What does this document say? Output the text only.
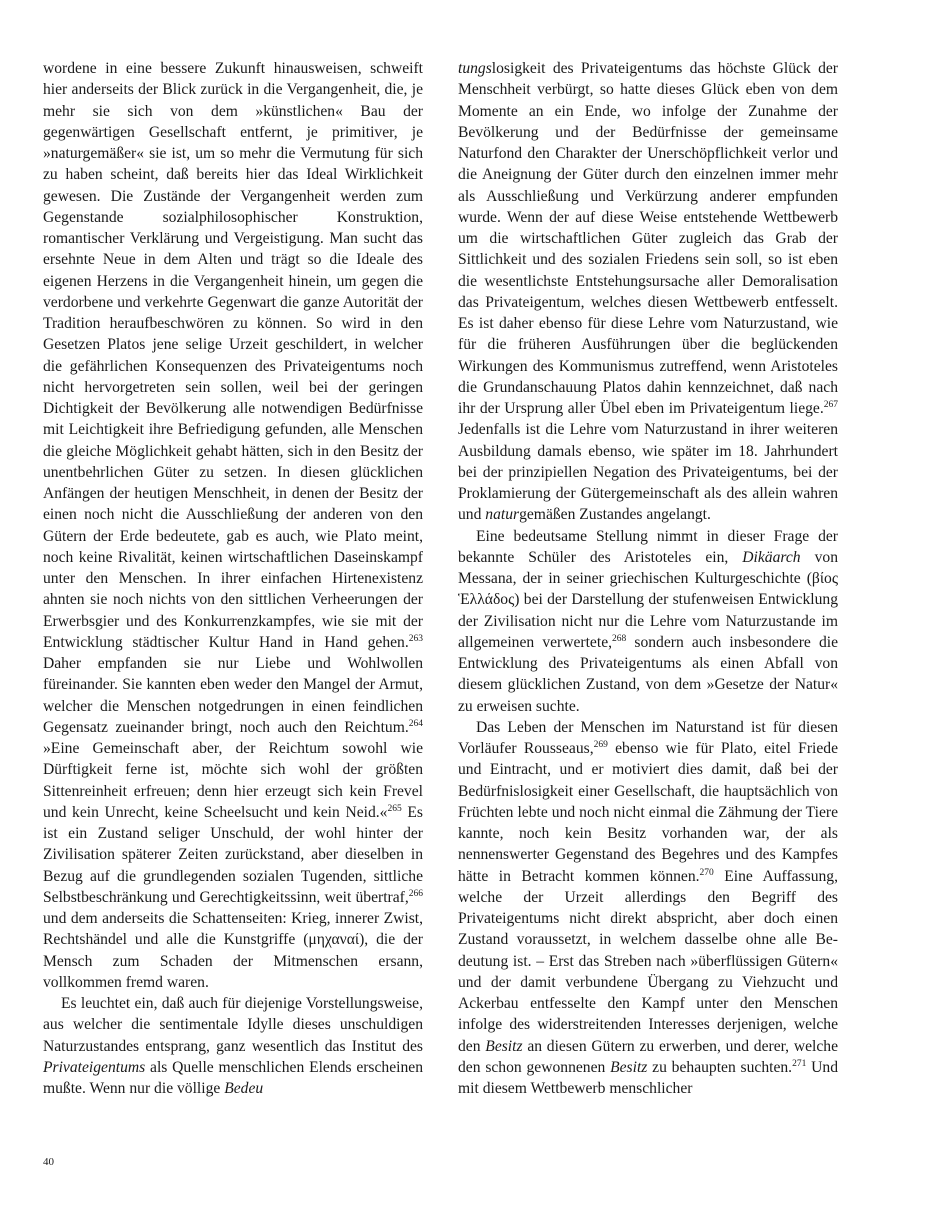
wordene in eine bessere Zukunft hinausweisen, schweift hier anderseits der Blick zurück in die Vergangenheit, die, je mehr sie sich von dem »künstlichen« Bau der gegenwärtigen Gesellschaft entfernt, je primitiver, je »naturgemäßer« sie ist, um so mehr die Vermutung für sich zu haben scheint, daß bereits hier das Ideal Wirklichkeit gewesen. Die Zustände der Vergangenheit werden zum Gegenstande sozialphilosophischer Konstruktion, romantischer Verklärung und Vergeistigung. Man sucht das ersehnte Neue in dem Alten und trägt so die Ideale des eigenen Herzens in die Vergangenheit hinein, um gegen die verdorbene und verkehrte Gegenwart die ganze Autorität der Tradition heraufbeschwören zu können. So wird in den Gesetzen Platos jene selige Urzeit geschildert, in welcher die gefährlichen Konsequenzen des Privateigentums noch nicht hervorgetreten sein sollen, weil bei der geringen Dichtigkeit der Bevölkerung alle notwendigen Bedürfnisse mit Leichtigkeit ihre Befriedigung gefunden, alle Menschen die gleiche Möglichkeit gehabt hätten, sich in den Besitz der unentbehrlichen Güter zu setzen. In diesen glücklichen Anfängen der heutigen Menschheit, in denen der Besitz der einen noch nicht die Ausschließung der anderen von den Gütern der Erde bedeutete, gab es auch, wie Plato meint, noch keine Rivalität, keinen wirtschaftlichen Daseinskampf unter den Menschen. In ihrer einfachen Hirtenexistenz ahnten sie noch nichts von den sittlichen Verheerungen der Erwerbsgier und des Konkurrenzkampfes, wie sie mit der Entwicklung städtischer Kultur Hand in Hand gehen.$^{263}$ Daher empfanden sie nur Liebe und Wohlwollen füreinander. Sie kannten eben weder den Mangel der Armut, welcher die Menschen notgedrungen in einen feindlichen Gegensatz zueinander bringt, noch auch den Reichtum.$^{264}$ »Eine Gemeinschaft aber, der Reichtum sowohl wie Dürftigkeit ferne ist, möchte sich wohl der größten Sittenreinheit erfreuen; denn hier erzeugt sich kein Frevel und kein Unrecht, keine Scheelsucht und kein Neid.«$^{265}$ Es ist ein Zustand seliger Unschuld, der wohl hinter der Zivilisation späterer Zeiten zurückstand, aber dieselben in Bezug auf die grundlegenden sozialen Tugenden, sittliche Selbstbeschränkung und Gerechtigkeitssinn, weit übertraf,$^{266}$ und dem anderseits die Schattenseiten: Krieg, innerer Zwist, Rechtshändel und alle die Kunstgriffe (μηχαναί), die der Mensch zum Schaden der Mitmenschen ersann, vollkommen fremd waren.

Es leuchtet ein, daß auch für diejenige Vorstellungsweise, aus welcher die sentimentale Idylle dieses unschuldigen Naturzustandes entsprang, ganz wesentlich das Institut des Privateigentums als Quelle menschlichen Elends erscheinen mußte. Wenn nur die völlige Bedeu

tungslosigkeit des Privateigentums das höchste Glück der Menschheit verbürgt, so hatte dieses Glück eben von dem Momente an ein Ende, wo infolge der Zunahme der Bevölkerung und der Bedürfnisse der gemeinsame Naturfond den Charakter der Unerschöpflichkeit verlor und die Aneignung der Güter durch den einzelnen immer mehr als Ausschließung und Verkürzung anderer empfunden wurde. Wenn der auf diese Weise entstehende Wettbewerb um die wirtschaftlichen Güter zugleich das Grab der Sittlichkeit und des sozialen Friedens sein soll, so ist eben die wesentlichste Entstehungsursache aller Demoralisation das Privateigentum, welches diesen Wettbewerb entfesselt. Es ist daher ebenso für diese Lehre vom Naturzustand, wie für die früheren Ausführungen über die beglückenden Wirkungen des Kommunismus zutreffend, wenn Aristoteles die Grundanschauung Platos dahin kennzeichnet, daß nach ihr der Ursprung aller Übel eben im Privateigentum liege.$^{267}$ Jedenfalls ist die Lehre vom Naturzustand in ihrer weiteren Ausbildung damals ebenso, wie später im 18. Jahrhundert bei der prinzipiellen Negation des Privateigentums, bei der Proklamierung der Gütergemeinschaft als des allein wahren und naturgemäßen Zustandes angelangt.

Eine bedeutsame Stellung nimmt in dieser Frage der bekannte Schüler des Aristoteles ein, Dikäarch von Messana, der in seiner griechischen Kulturgeschichte (βίος Ἑλλάδος) bei der Darstellung der stufenweisen Entwicklung der Zivilisation nicht nur die Lehre vom Naturzustande im allgemeinen verwertete,$^{268}$ sondern auch insbesondere die Entwicklung des Privateigentums als einen Abfall von diesem glücklichen Zustand, von dem »Gesetze der Natur« zu erweisen suchte.

Das Leben der Menschen im Naturstand ist für diesen Vorläufer Rousseaus,$^{269}$ ebenso wie für Plato, eitel Friede und Eintracht, und er motiviert dies damit, daß bei der Bedürfnislosigkeit einer Gesellschaft, die hauptsächlich von Früchten lebte und noch nicht einmal die Zähmung der Tiere kannte, noch kein Besitz vorhanden war, der als nennenswerter Gegenstand des Begehres und des Kampfes hätte in Betracht kommen können.$^{270}$ Eine Auffassung, welche der Urzeit allerdings den Begriff des Privateigentums nicht direkt abspricht, aber doch einen Zustand voraussetzt, in welchem dasselbe ohne alle Bedeutung ist. – Erst das Streben nach »überflüssigen Gütern« und der damit verbundene Übergang zu Viehzucht und Ackerbau entfesselte den Kampf unter den Menschen infolge des widerstreitenden Interesses derjenigen, welche den Besitz an diesen Gütern zu erwerben, und derer, welche den schon gewonnenen Besitz zu behaupten suchten.$^{271}$ Und mit diesem Wettbewerb menschlicher

40
